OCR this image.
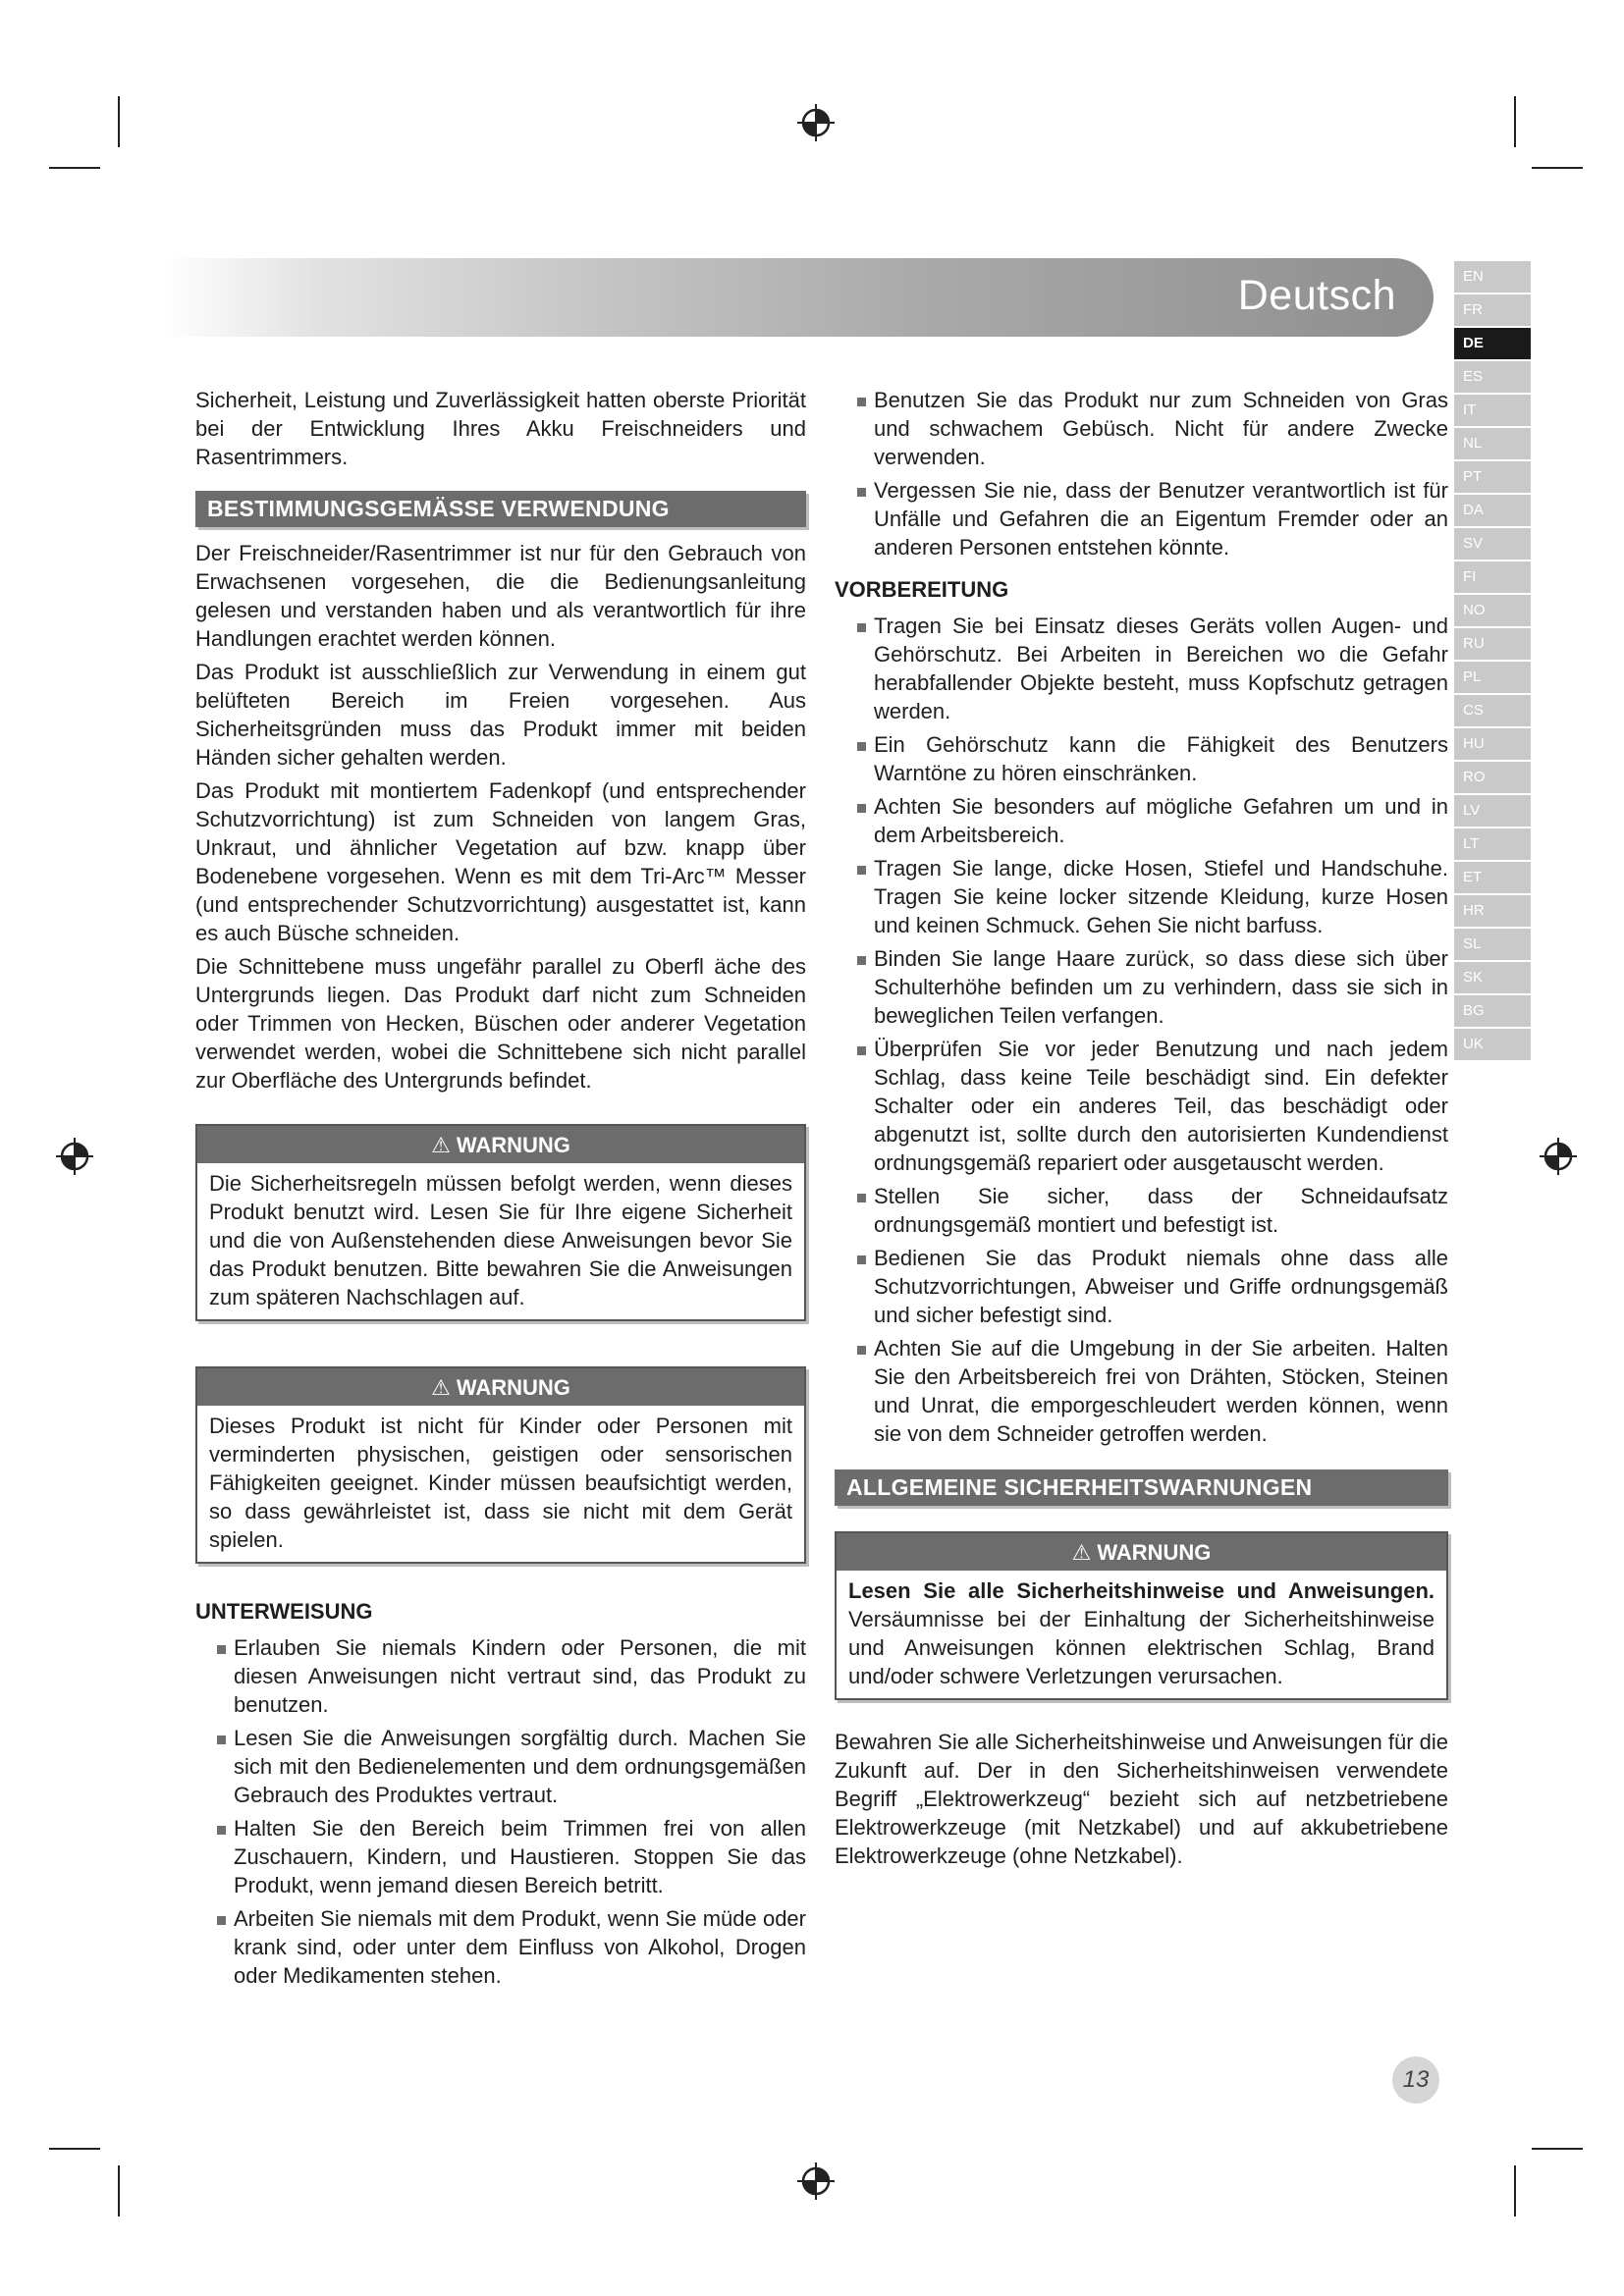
Deutsch	EN
FR
DE
ES
IT
NL
PT
DA
SV
FI
NO
RU
PL
CS
HU
RO
LV
LT
ET
HR
SL
SK
BG
UK

Sicherheit, Leistung und Zuverlässigkeit hatten oberste Priorität bei der Entwicklung Ihres Akku Freischneiders und Rasentrimmers.

BESTIMMUNGSGEMÄSSE VERWENDUNG

Der Freischneider/Rasentrimmer ist nur für den Gebrauch von Erwachsenen vorgesehen, die die Bedienungsanleitung gelesen und verstanden haben und als verantwortlich für ihre Handlungen erachtet werden können.

Das Produkt ist ausschließlich zur Verwendung in einem gut belüfteten Bereich im Freien vorgesehen. Aus Sicherheitsgründen muss das Produkt immer mit beiden Händen sicher gehalten werden.

Das Produkt mit montiertem Fadenkopf (und entsprechender Schutzvorrichtung) ist zum Schneiden von langem Gras, Unkraut, und ähnlicher Vegetation auf bzw. knapp über Bodenebene vorgesehen. Wenn es mit dem Tri-Arc™ Messer (und entsprechender Schutzvorrichtung) ausgestattet ist, kann es auch Büsche schneiden.

Die Schnittebene muss ungefähr parallel zu Oberfl äche des Untergrunds liegen. Das Produkt darf nicht zum Schneiden oder Trimmen von Hecken, Büschen oder anderer Vegetation verwendet werden, wobei die Schnittebene sich nicht parallel zur Oberfläche des Untergrunds befindet.

⚠ WARNUNG
Die Sicherheitsregeln müssen befolgt werden, wenn dieses Produkt benutzt wird. Lesen Sie für Ihre eigene Sicherheit und die von Außenstehenden diese Anweisungen bevor Sie das Produkt benutzen. Bitte bewahren Sie die Anweisungen zum späteren Nachschlagen auf.
⚠ WARNUNG
Dieses Produkt ist nicht für Kinder oder Personen mit verminderten physischen, geistigen oder sensorischen Fähigkeiten geeignet. Kinder müssen beaufsichtigt werden, so dass gewährleistet ist, dass sie nicht mit dem Gerät spielen.
UNTERWEISUNG
Erlauben Sie niemals Kindern oder Personen, die mit diesen Anweisungen nicht vertraut sind, das Produkt zu benutzen.
Lesen Sie die Anweisungen sorgfältig durch. Machen Sie sich mit den Bedienelementen und dem ordnungsgemäßen Gebrauch des Produktes vertraut.
Halten Sie den Bereich beim Trimmen frei von allen Zuschauern, Kindern, und Haustieren. Stoppen Sie das Produkt, wenn jemand diesen Bereich betritt.
Arbeiten Sie niemals mit dem Produkt, wenn Sie müde oder krank sind, oder unter dem Einfluss von Alkohol, Drogen oder Medikamenten stehen.
Benutzen Sie das Produkt nur zum Schneiden von Gras und schwachem Gebüsch. Nicht für andere Zwecke verwenden.
Vergessen Sie nie, dass der Benutzer verantwortlich ist für Unfälle und Gefahren die an Eigentum Fremder oder an anderen Personen entstehen könnte.
VORBEREITUNG
Tragen Sie bei Einsatz dieses Geräts vollen Augen- und Gehörschutz. Bei Arbeiten in Bereichen wo die Gefahr herabfallender Objekte besteht, muss Kopfschutz getragen werden.
Ein Gehörschutz kann die Fähigkeit des Benutzers Warntöne zu hören einschränken.
Achten Sie besonders auf mögliche Gefahren um und in dem Arbeitsbereich.
Tragen Sie lange, dicke Hosen, Stiefel und Handschuhe. Tragen Sie keine locker sitzende Kleidung, kurze Hosen und keinen Schmuck. Gehen Sie nicht barfuss.
Binden Sie lange Haare zurück, so dass diese sich über Schulterhöhe befinden um zu verhindern, dass sie sich in beweglichen Teilen verfangen.
Überprüfen Sie vor jeder Benutzung und nach jedem Schlag, dass keine Teile beschädigt sind. Ein defekter Schalter oder ein anderes Teil, das beschädigt oder abgenutzt ist, sollte durch den autorisierten Kundendienst ordnungsgemäß repariert oder ausgetauscht werden.
Stellen Sie sicher, dass der Schneidaufsatz ordnungsgemäß montiert und befestigt ist.
Bedienen Sie das Produkt niemals ohne dass alle Schutzvorrichtungen, Abweiser und Griffe ordnungsgemäß und sicher befestigt sind.
Achten Sie auf die Umgebung in der Sie arbeiten. Halten Sie den Arbeitsbereich frei von Drähten, Stöcken, Steinen und Unrat, die emporgeschleudert werden können, wenn sie von dem Schneider getroffen werden.
ALLGEMEINE SICHERHEITSWARNUNGEN
⚠ WARNUNG
Lesen Sie alle Sicherheitshinweise und Anweisungen. Versäumnisse bei der Einhaltung der Sicherheitshinweise und Anweisungen können elektrischen Schlag, Brand und/oder schwere Verletzungen verursachen.

Bewahren Sie alle Sicherheitshinweise und Anweisungen für die Zukunft auf. Der in den Sicherheitshinweisen verwendete Begriff „Elektrowerkzeug“ bezieht sich auf netzbetriebene Elektrowerkzeuge (mit Netzkabel) und auf akkubetriebene Elektrowerkzeuge (ohne Netzkabel).

13
